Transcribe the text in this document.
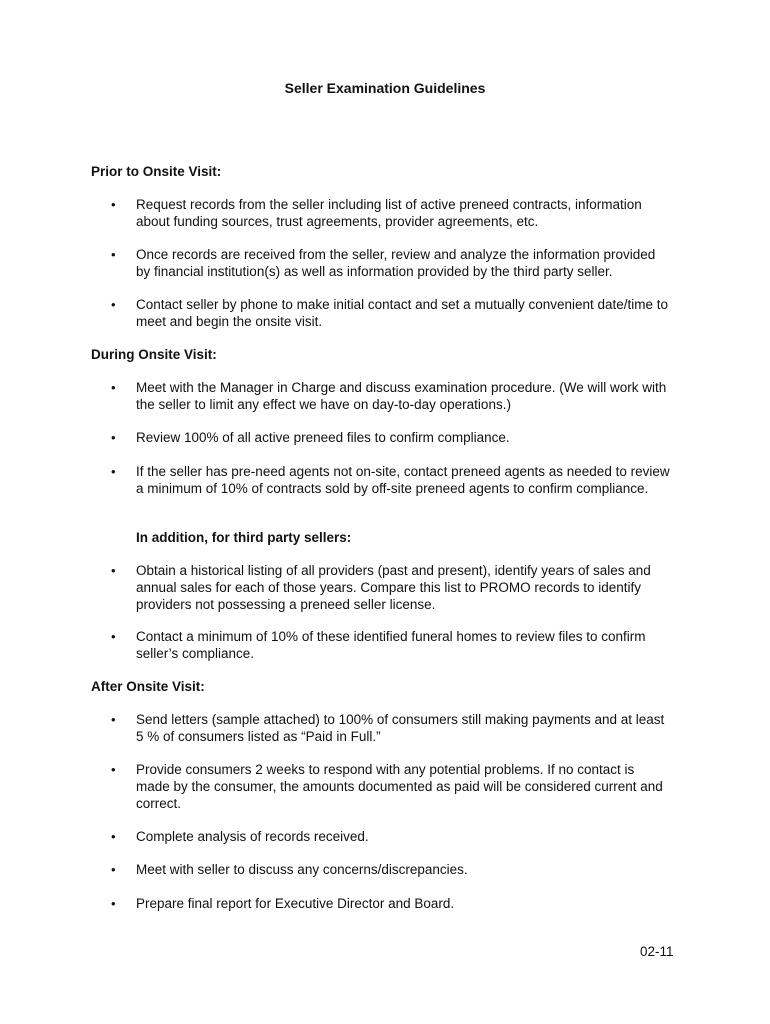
Seller Examination Guidelines
Prior to Onsite Visit:
•	Request records from the seller including list of active preneed contracts, information about funding sources, trust agreements, provider agreements, etc.
•	Once records are received from the seller, review and analyze the information provided by financial institution(s) as well as information provided by the third party seller.
•	Contact seller by phone to make initial contact and set a mutually convenient date/time to meet and begin the onsite visit.
During Onsite Visit:
•	Meet with the Manager in Charge and discuss examination procedure. (We will work with the seller to limit any effect we have on day-to-day operations.)
•	Review 100% of all active preneed files to confirm compliance.
•	If the seller has pre-need agents not on-site, contact preneed agents as needed to review a minimum of 10% of contracts sold by off-site preneed agents to confirm compliance.
In addition, for third party sellers:
•	Obtain a historical listing of all providers (past and present), identify years of sales and annual sales for each of those years. Compare this list to PROMO records to identify providers not possessing a preneed seller license.
•	Contact a minimum of 10% of these identified funeral homes to review files to confirm seller’s compliance.
After Onsite Visit:
•	Send letters (sample attached) to 100% of consumers still making payments and at least 5 % of consumers listed as “Paid in Full.”
•	Provide consumers 2 weeks to respond with any potential problems. If no contact is made by the consumer, the amounts documented as paid will be considered current and correct.
•	Complete analysis of records received.
•	Meet with seller to discuss any concerns/discrepancies.
•	Prepare final report for Executive Director and Board.
02-11
